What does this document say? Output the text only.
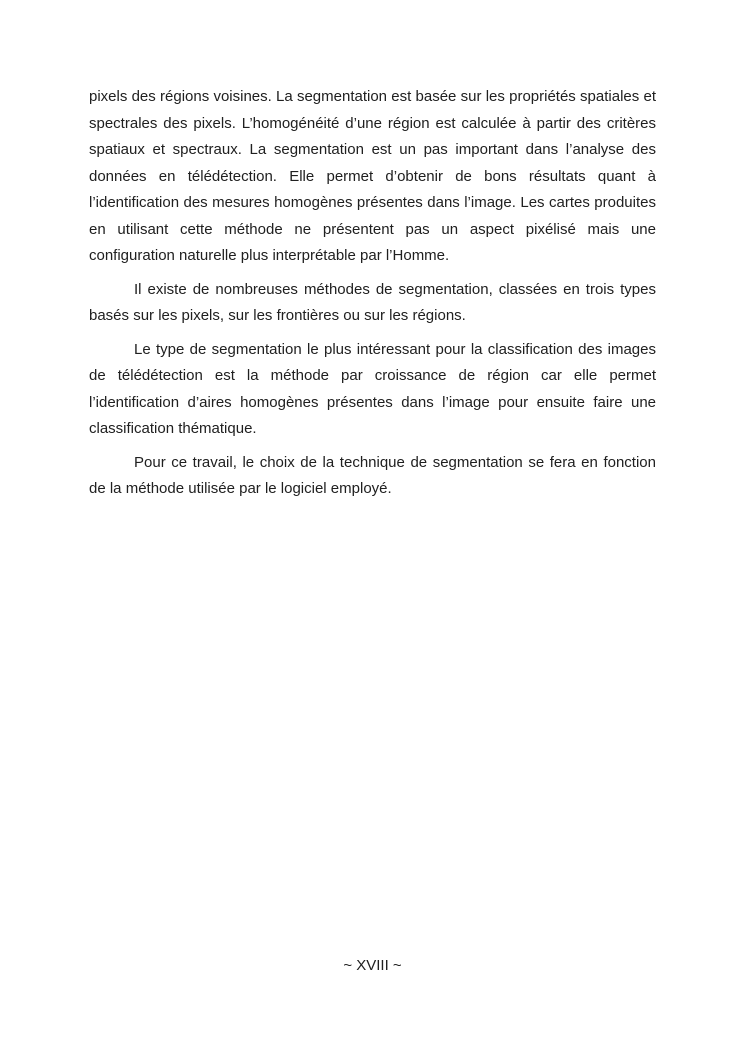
pixels des régions voisines. La segmentation est basée sur les propriétés spatiales et spectrales des pixels. L’homogénéité d’une région est calculée à partir des critères spatiaux et spectraux. La segmentation est un pas important dans l’analyse des données en télédétection. Elle permet d’obtenir de bons résultats quant à l’identification des mesures homogènes présentes dans l’image. Les cartes produites en utilisant cette méthode ne présentent pas un aspect pixélisé mais une configuration naturelle plus interprétable par l’Homme.

Il existe de nombreuses méthodes de segmentation, classées en trois types basés sur les pixels, sur les frontières ou sur les régions.

Le type de segmentation le plus intéressant pour la classification des images de télédétection est la méthode par croissance de région car elle permet l’identification d’aires homogènes présentes dans l’image pour ensuite faire une classification thématique.

Pour ce travail, le choix de la technique de segmentation se fera en fonction de la méthode utilisée par le logiciel employé.

~ XVIII ~
